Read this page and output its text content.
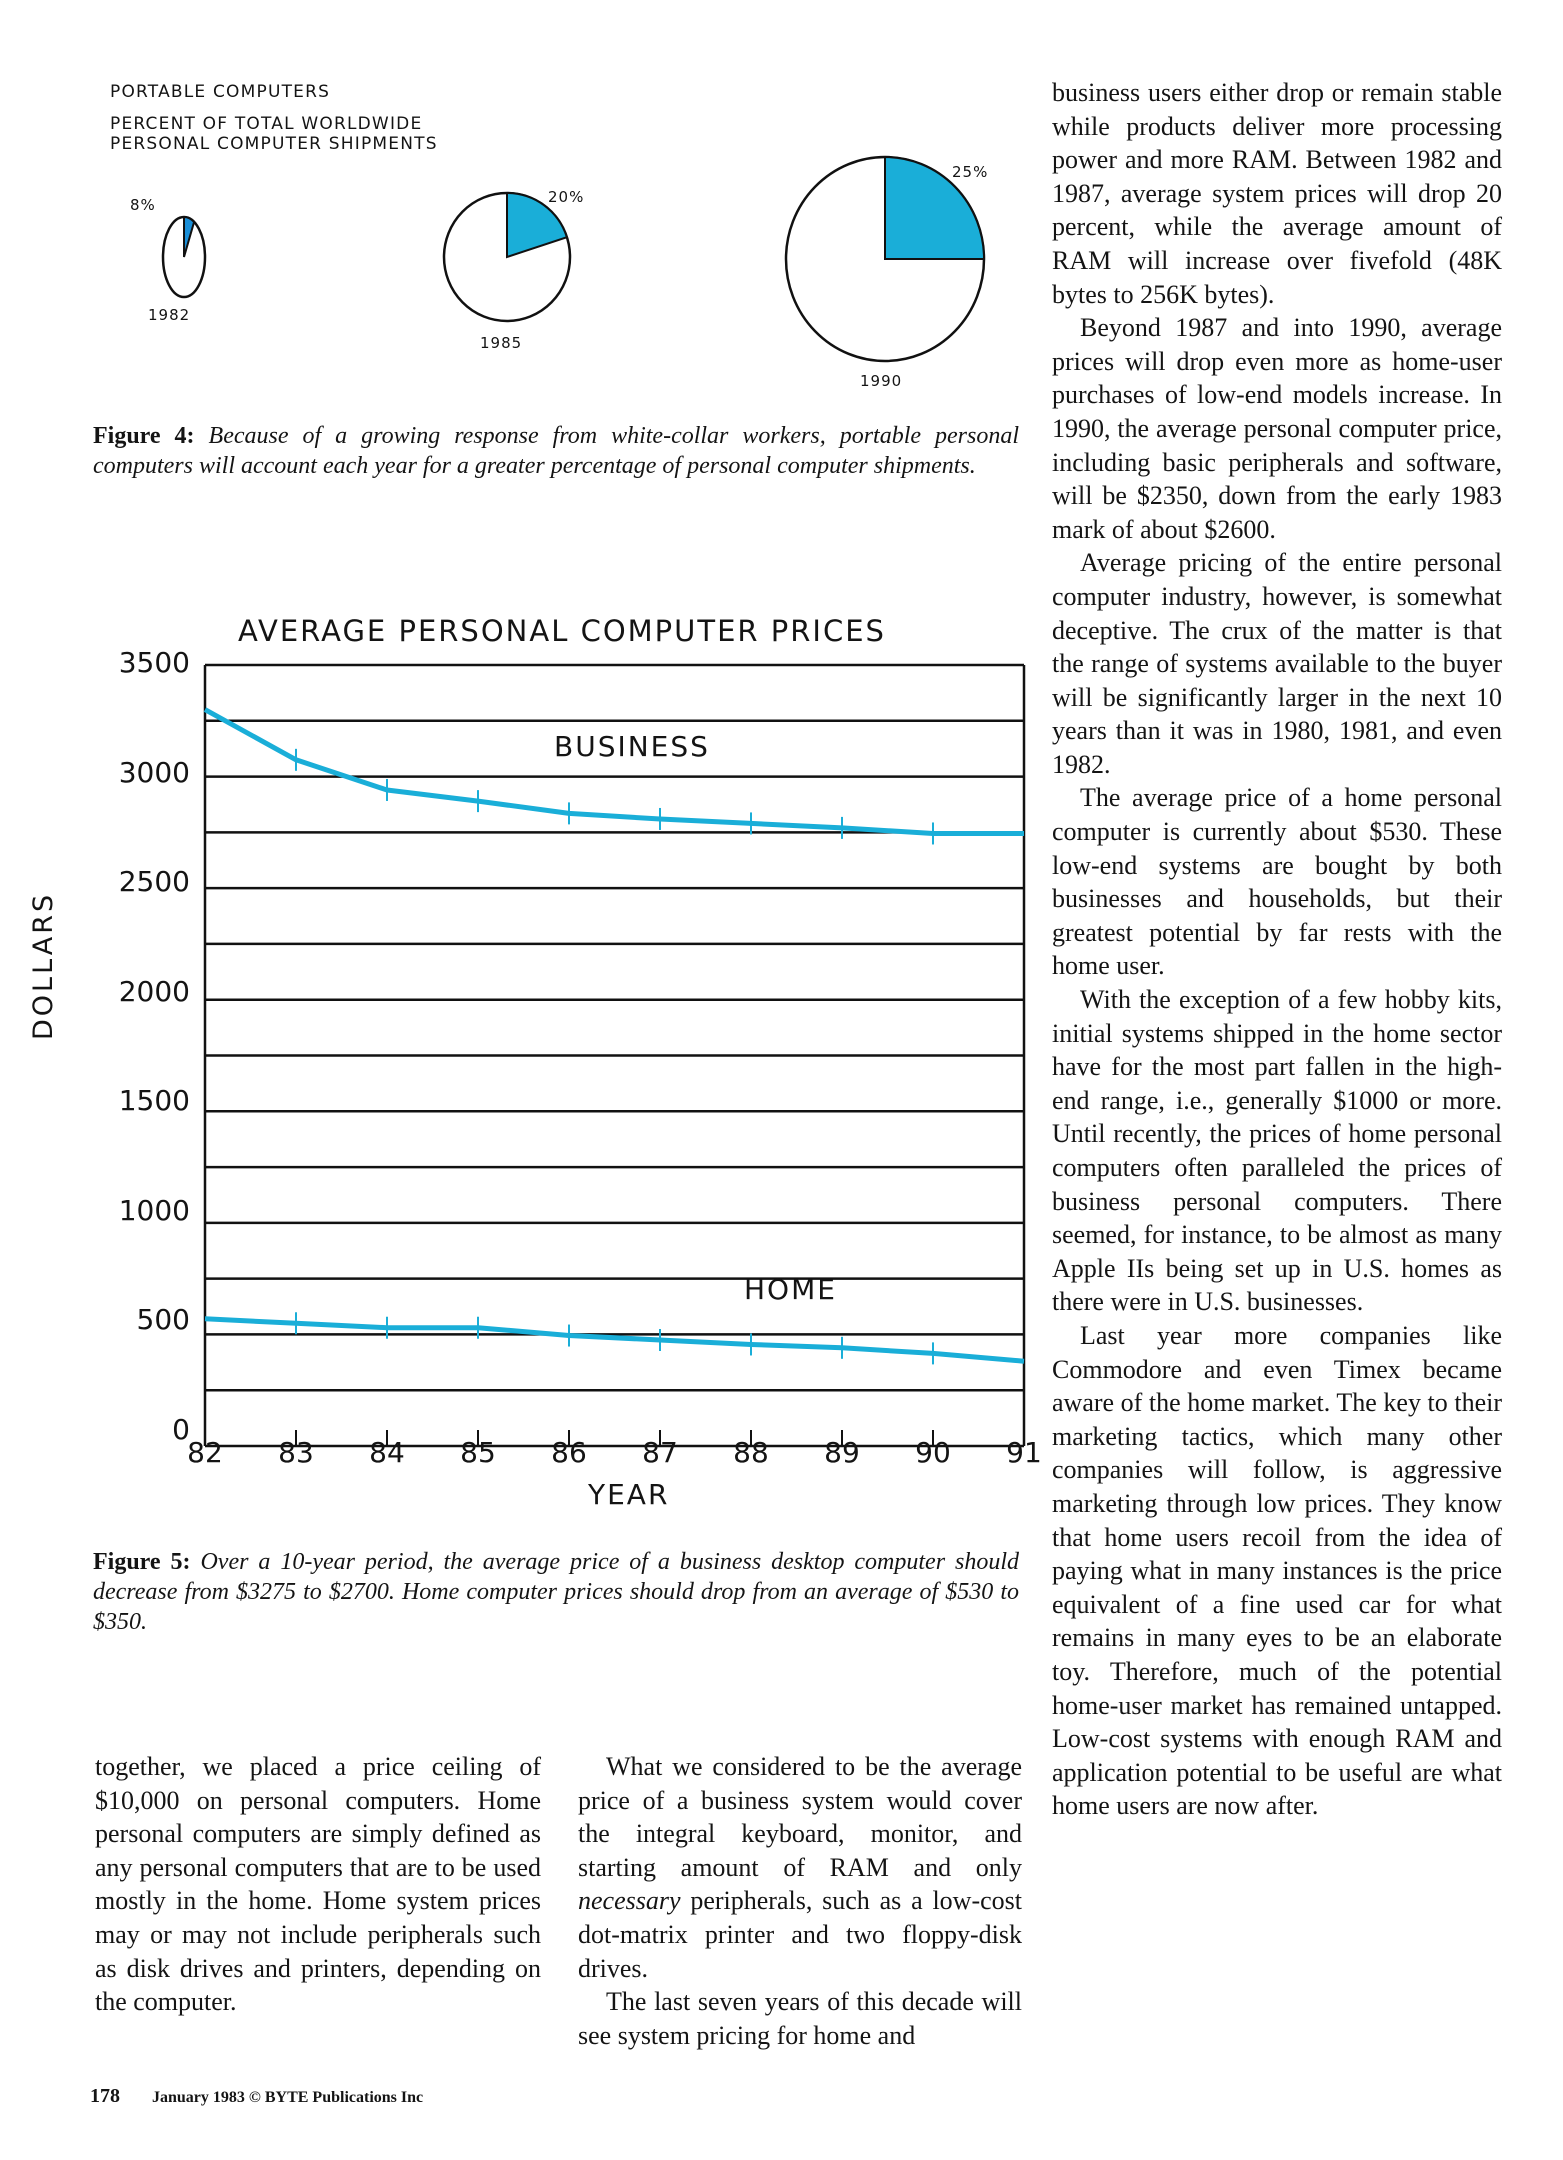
PORTABLE COMPUTERS
PERCENT OF TOTAL WORLDWIDE
PERSONAL COMPUTER SHIPMENTS
8%
1982
20%
1985
25%
1990
Figure 4: Because of a growing response from white-collar workers, portable personal computers will account each year for a greater percentage of personal computer shipments.
AVERAGE PERSONAL COMPUTER PRICES
DOLLARS
3500
3000
2500
2000
1500
1000
500
0
BUSINESS
HOME
82	83	84	85	86	87	88	89	90	91
YEAR
Figure 5: Over a 10-year period, the average price of a business desktop computer should decrease from $3275 to $2700. Home computer prices should drop from an average of $530 to $350.

together, we placed a price ceiling of $10,000 on personal computers. Home personal computers are simply defined as any personal computers that are to be used mostly in the home. Home system prices may or may not include peripherals such as disk drives and printers, depending on the computer.

What we considered to be the average price of a business system would cover the integral keyboard, monitor, and starting amount of RAM and only necessary peripherals, such as a low-cost dot-matrix printer and two floppy-disk drives.

The last seven years of this decade will see system pricing for home and

business users either drop or remain stable while products deliver more processing power and more RAM. Between 1982 and 1987, average system prices will drop 20 percent, while the average amount of RAM will increase over fivefold (48K bytes to 256K bytes).

Beyond 1987 and into 1990, average prices will drop even more as home-user purchases of low-end models increase. In 1990, the average personal computer price, including basic peripherals and software, will be $2350, down from the early 1983 mark of about $2600.

Average pricing of the entire personal computer industry, however, is somewhat deceptive. The crux of the matter is that the range of systems available to the buyer will be significantly larger in the next 10 years than it was in 1980, 1981, and even 1982.

The average price of a home personal computer is currently about $530. These low-end systems are bought by both businesses and households, but their greatest potential by far rests with the home user.

With the exception of a few hobby kits, initial systems shipped in the home sector have for the most part fallen in the high-end range, i.e., generally $1000 or more. Until recently, the prices of home personal computers often paralleled the prices of business personal computers. There seemed, for instance, to be almost as many Apple IIs being set up in U.S. homes as there were in U.S. businesses.

Last year more companies like Commodore and even Timex became aware of the home market. The key to their marketing tactics, which many other companies will follow, is aggressive marketing through low prices. They know that home users recoil from the idea of paying what in many instances is the price equivalent of a fine used car for what remains in many eyes to be an elaborate toy. Therefore, much of the potential home-user market has remained untapped. Low-cost systems with enough RAM and application potential to be useful are what home users are now after.

178 January 1983 © BYTE Publications Inc
